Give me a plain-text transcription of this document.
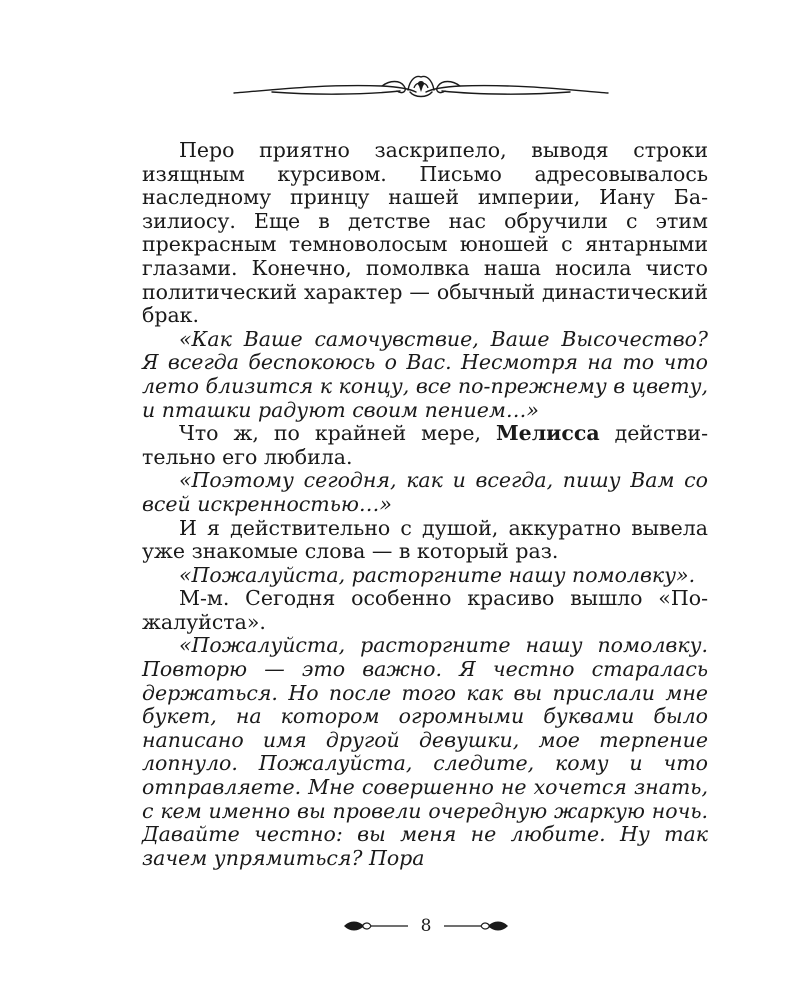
Перо приятно заскрипело, выводя строки изящным курсивом. Письмо адресовывалось наследному принцу нашей империи, Иану Базилиосу. Еще в детстве нас обручили с этим прекрасным темноволосым юношей с янтарными глазами. Конечно, помолвка наша носила чисто политический характер — обычный династический брак.

«Как Ваше самочувствие, Ваше Высочество? Я всегда беспокоюсь о Вас. Несмотря на то что лето близится к концу, все по-прежнему в цвету, и пташки радуют своим пением…»

Что ж, по крайней мере, Мелисса действительно его любила.

«Поэтому сегодня, как и всегда, пишу Вам со всей искренностью…»

И я действительно с душой, аккуратно вывела уже знакомые слова — в который раз.

«Пожалуйста, расторгните нашу помолвку».

М-м. Сегодня особенно красиво вышло «Пожалуйста».

«Пожалуйста, расторгните нашу помолвку. Повторю — это важно. Я честно старалась держаться. Но после того как вы прислали мне букет, на котором огромными буквами было написано имя другой девушки, мое терпение лопнуло. Пожалуйста, следите, кому и что отправляете. Мне совершенно не хочется знать, с кем именно вы провели очередную жаркую ночь. Давайте честно: вы меня не любите. Ну так зачем упрямиться? Пора

8
